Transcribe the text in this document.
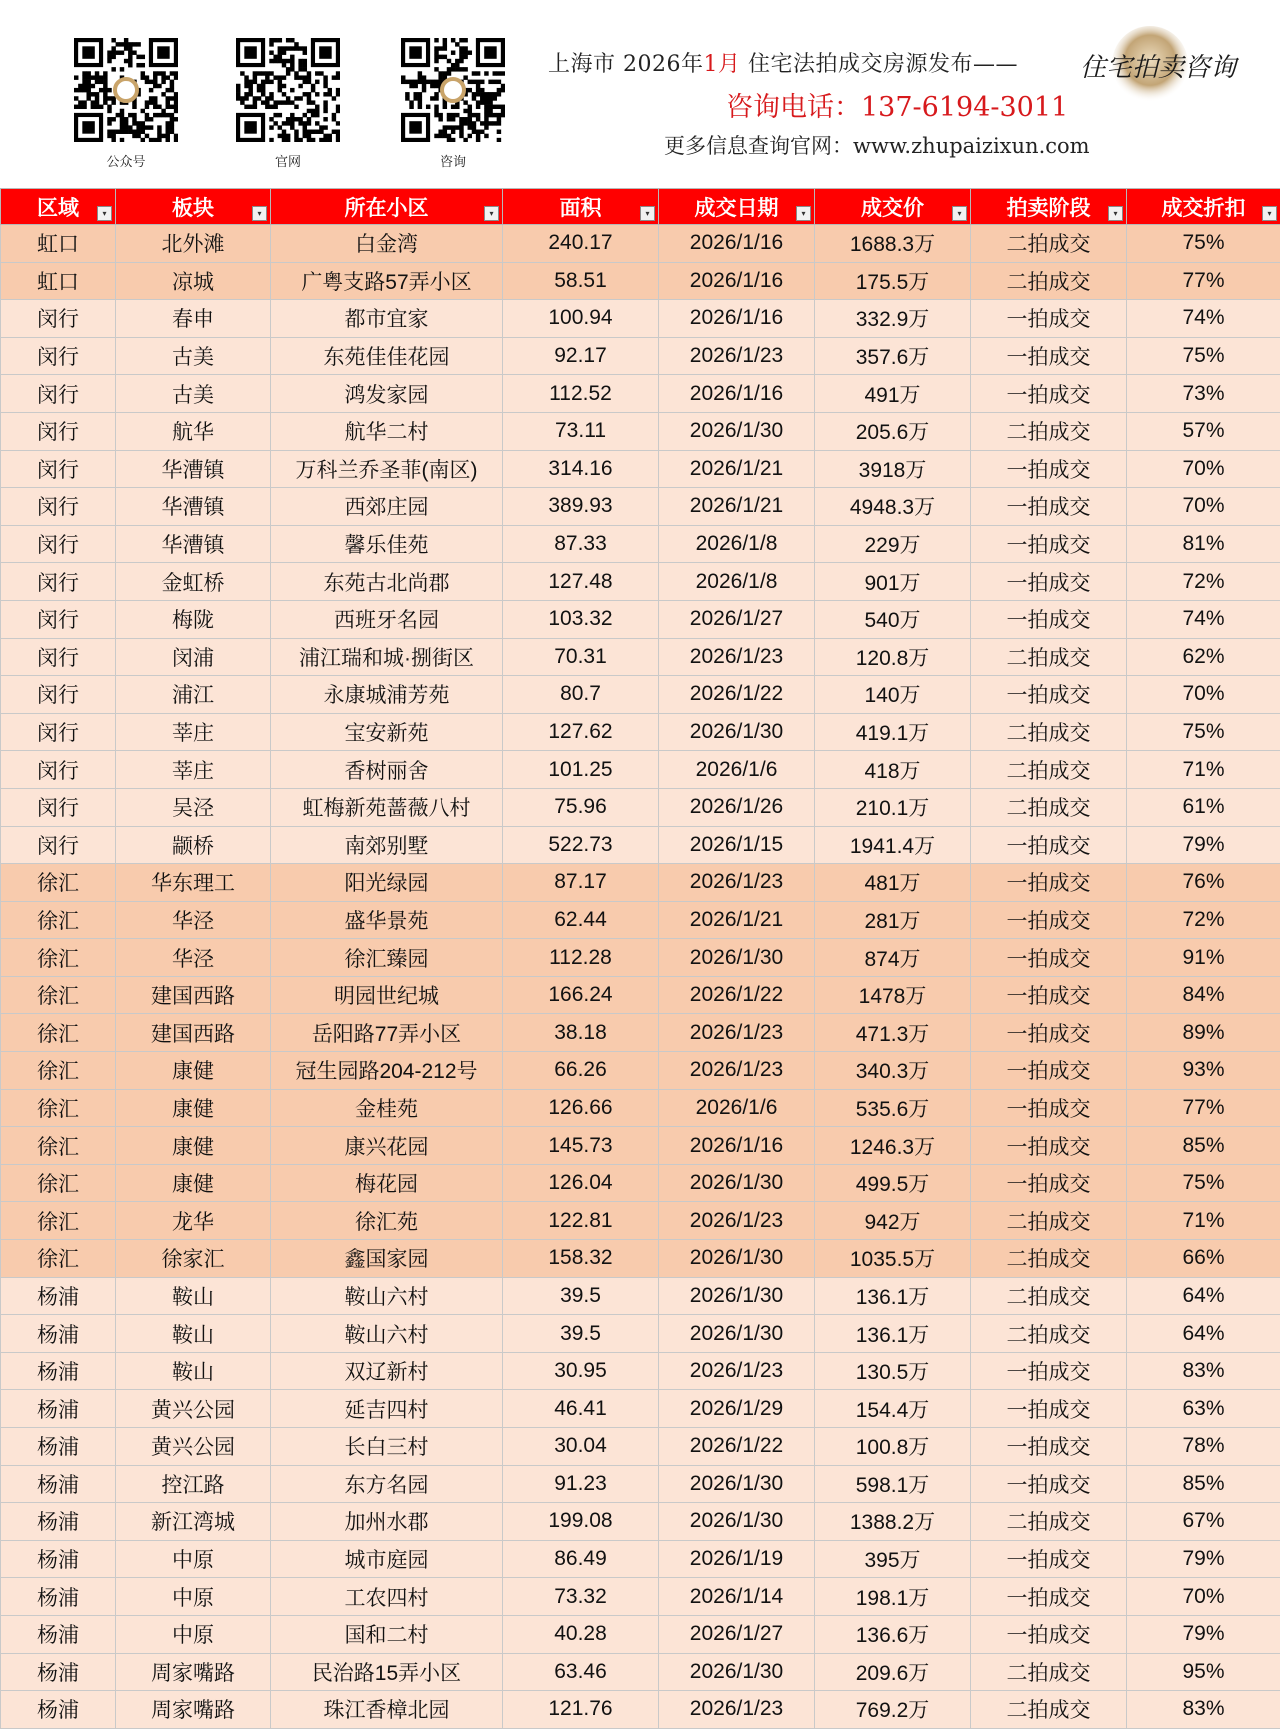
公众号	官网	咨询
上海市 2026年1月 住宅法拍成交房源发布—— 住宅拍卖咨询
咨询电话：137-6194-3011
更多信息查询官网：www.zhupaizixun.com
区域 ▾	板块 ▾	所在小区 ▾	面积 ▾	成交日期 ▾	成交价 ▾	拍卖阶段 ▾	成交折扣 ▾

虹口	北外滩	白金湾	240.17	2026/1/16	1688.3万	二拍成交	75%
虹口	凉城	广粤支路57弄小区	58.51	2026/1/16	175.5万	二拍成交	77%
闵行	春申	都市宜家	100.94	2026/1/16	332.9万	一拍成交	74%
闵行	古美	东苑佳佳花园	92.17	2026/1/23	357.6万	一拍成交	75%
闵行	古美	鸿发家园	112.52	2026/1/16	491万	一拍成交	73%
闵行	航华	航华二村	73.11	2026/1/30	205.6万	二拍成交	57%
闵行	华漕镇	万科兰乔圣菲(南区)	314.16	2026/1/21	3918万	一拍成交	70%
闵行	华漕镇	西郊庄园	389.93	2026/1/21	4948.3万	一拍成交	70%
闵行	华漕镇	馨乐佳苑	87.33	2026/1/8	229万	一拍成交	81%
闵行	金虹桥	东苑古北尚郡	127.48	2026/1/8	901万	一拍成交	72%
闵行	梅陇	西班牙名园	103.32	2026/1/27	540万	一拍成交	74%
闵行	闵浦	浦江瑞和城·捌街区	70.31	2026/1/23	120.8万	二拍成交	62%
闵行	浦江	永康城浦芳苑	80.7	2026/1/22	140万	一拍成交	70%
闵行	莘庄	宝安新苑	127.62	2026/1/30	419.1万	二拍成交	75%
闵行	莘庄	香树丽舍	101.25	2026/1/6	418万	二拍成交	71%
闵行	吴泾	虹梅新苑蔷薇八村	75.96	2026/1/26	210.1万	二拍成交	61%
闵行	颛桥	南郊别墅	522.73	2026/1/15	1941.4万	一拍成交	79%
徐汇	华东理工	阳光绿园	87.17	2026/1/23	481万	一拍成交	76%
徐汇	华泾	盛华景苑	62.44	2026/1/21	281万	一拍成交	72%
徐汇	华泾	徐汇臻园	112.28	2026/1/30	874万	一拍成交	91%
徐汇	建国西路	明园世纪城	166.24	2026/1/22	1478万	一拍成交	84%
徐汇	建国西路	岳阳路77弄小区	38.18	2026/1/23	471.3万	一拍成交	89%
徐汇	康健	冠生园路204-212号	66.26	2026/1/23	340.3万	一拍成交	93%
徐汇	康健	金桂苑	126.66	2026/1/6	535.6万	一拍成交	77%
徐汇	康健	康兴花园	145.73	2026/1/16	1246.3万	一拍成交	85%
徐汇	康健	梅花园	126.04	2026/1/30	499.5万	一拍成交	75%
徐汇	龙华	徐汇苑	122.81	2026/1/23	942万	二拍成交	71%
徐汇	徐家汇	鑫国家园	158.32	2026/1/30	1035.5万	二拍成交	66%
杨浦	鞍山	鞍山六村	39.5	2026/1/30	136.1万	二拍成交	64%
杨浦	鞍山	鞍山六村	39.5	2026/1/30	136.1万	二拍成交	64%
杨浦	鞍山	双辽新村	30.95	2026/1/23	130.5万	一拍成交	83%
杨浦	黄兴公园	延吉四村	46.41	2026/1/29	154.4万	一拍成交	63%
杨浦	黄兴公园	长白三村	30.04	2026/1/22	100.8万	一拍成交	78%
杨浦	控江路	东方名园	91.23	2026/1/30	598.1万	一拍成交	85%
杨浦	新江湾城	加州水郡	199.08	2026/1/30	1388.2万	二拍成交	67%
杨浦	中原	城市庭园	86.49	2026/1/19	395万	一拍成交	79%
杨浦	中原	工农四村	73.32	2026/1/14	198.1万	一拍成交	70%
杨浦	中原	国和二村	40.28	2026/1/27	136.6万	一拍成交	79%
杨浦	周家嘴路	民治路15弄小区	63.46	2026/1/30	209.6万	二拍成交	95%
杨浦	周家嘴路	珠江香樟北园	121.76	2026/1/23	769.2万	二拍成交	83%
